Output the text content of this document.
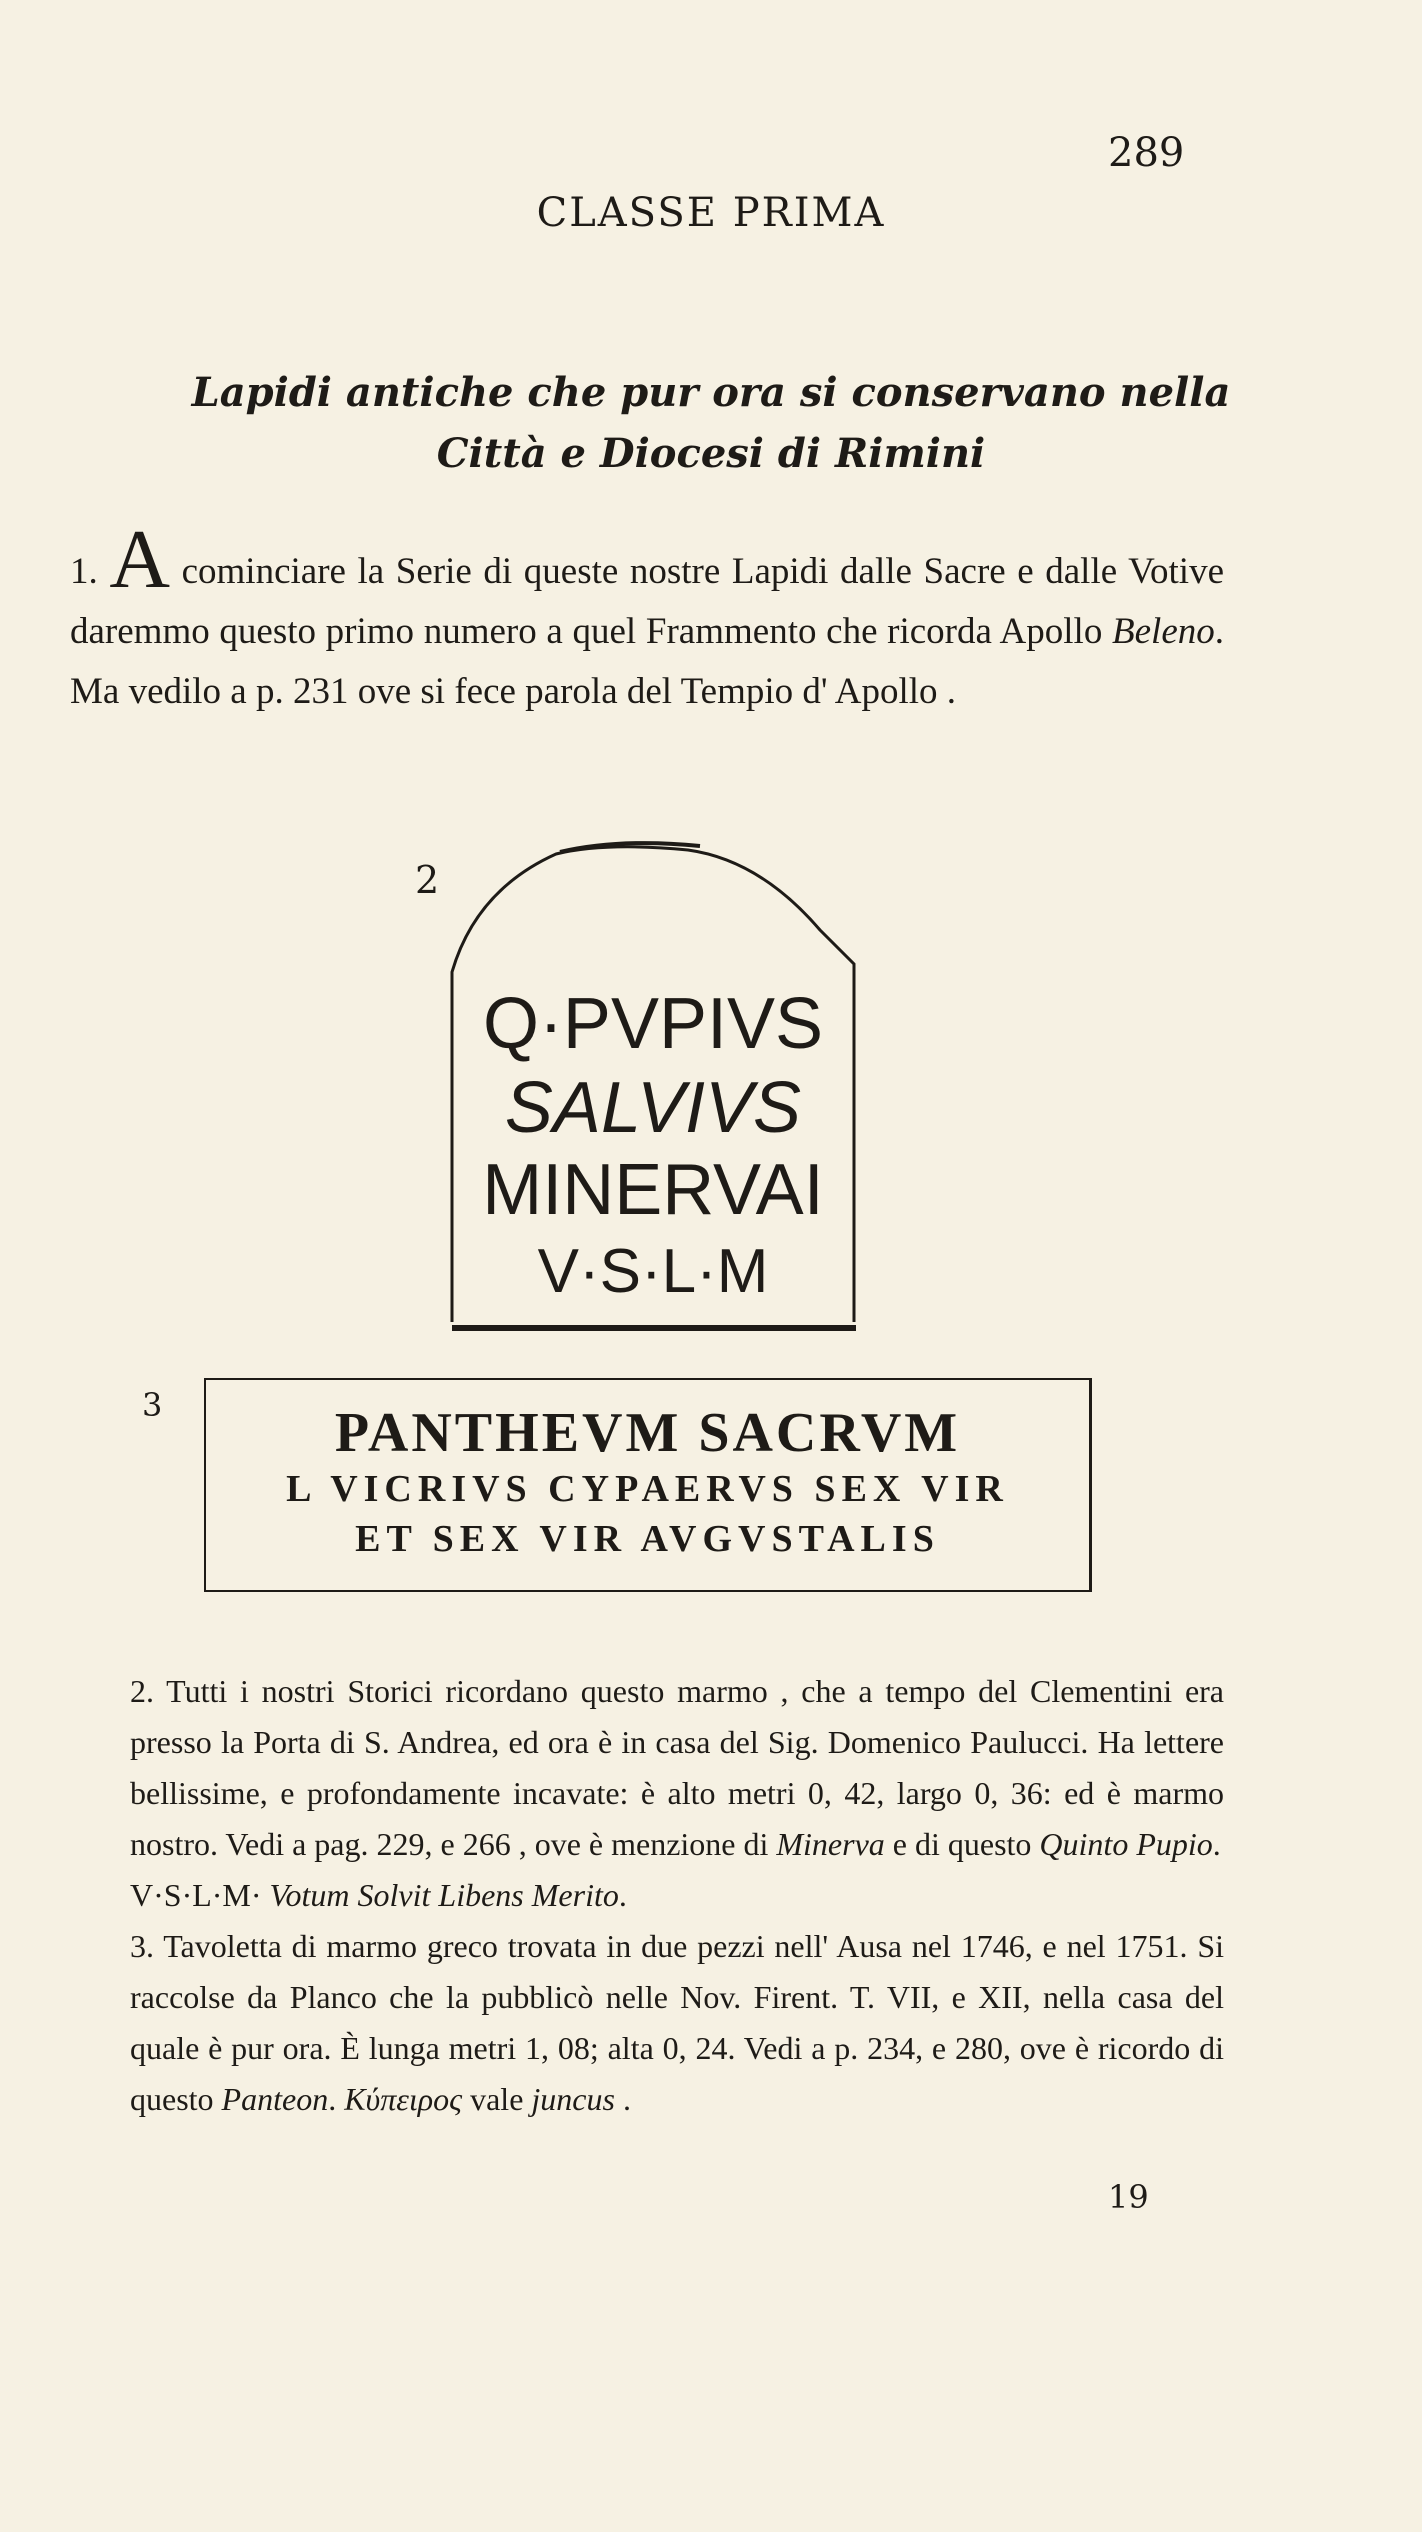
289
CLASSE PRIMA
Lapidi antiche che pur ora si conservano nella
Città e Diocesi di Rimini
1. A cominciare la Serie di queste nostre Lapidi dalle Sacre e dalle Votive daremmo questo primo numero a quel Frammento che ricorda Apollo Beleno. Ma vedilo a p. 231 ove si fece parola del Tempio d' Apollo .
2
Q·PVPIVS
SALVIVS
MINERVAI
V·S·L·M
3	PANTHEVM SACRVM
L VICRIVS CYPAERVS SEX VIR
ET SEX VIR AVGVSTALIS

2. Tutti i nostri Storici ricordano questo marmo , che a tempo del Clementini era presso la Porta di S. Andrea, ed ora è in casa del Sig. Domenico Paulucci. Ha lettere bellissime, e profondamente incavate: è alto metri 0, 42, largo 0, 36: ed è marmo nostro. Vedi a pag. 229, e 266 , ove è menzione di Minerva e di questo Quinto Pupio.

V·S·L·M· Votum Solvit Libens Merito.

3. Tavoletta di marmo greco trovata in due pezzi nell' Ausa nel 1746, e nel 1751. Si raccolse da Planco che la pubblicò nelle Nov. Firent. T. VII, e XII, nella casa del quale è pur ora. È lunga metri 1, 08; alta 0, 24. Vedi a p. 234, e 280, ove è ricordo di questo Panteon. Κύπειρος vale juncus .

19
